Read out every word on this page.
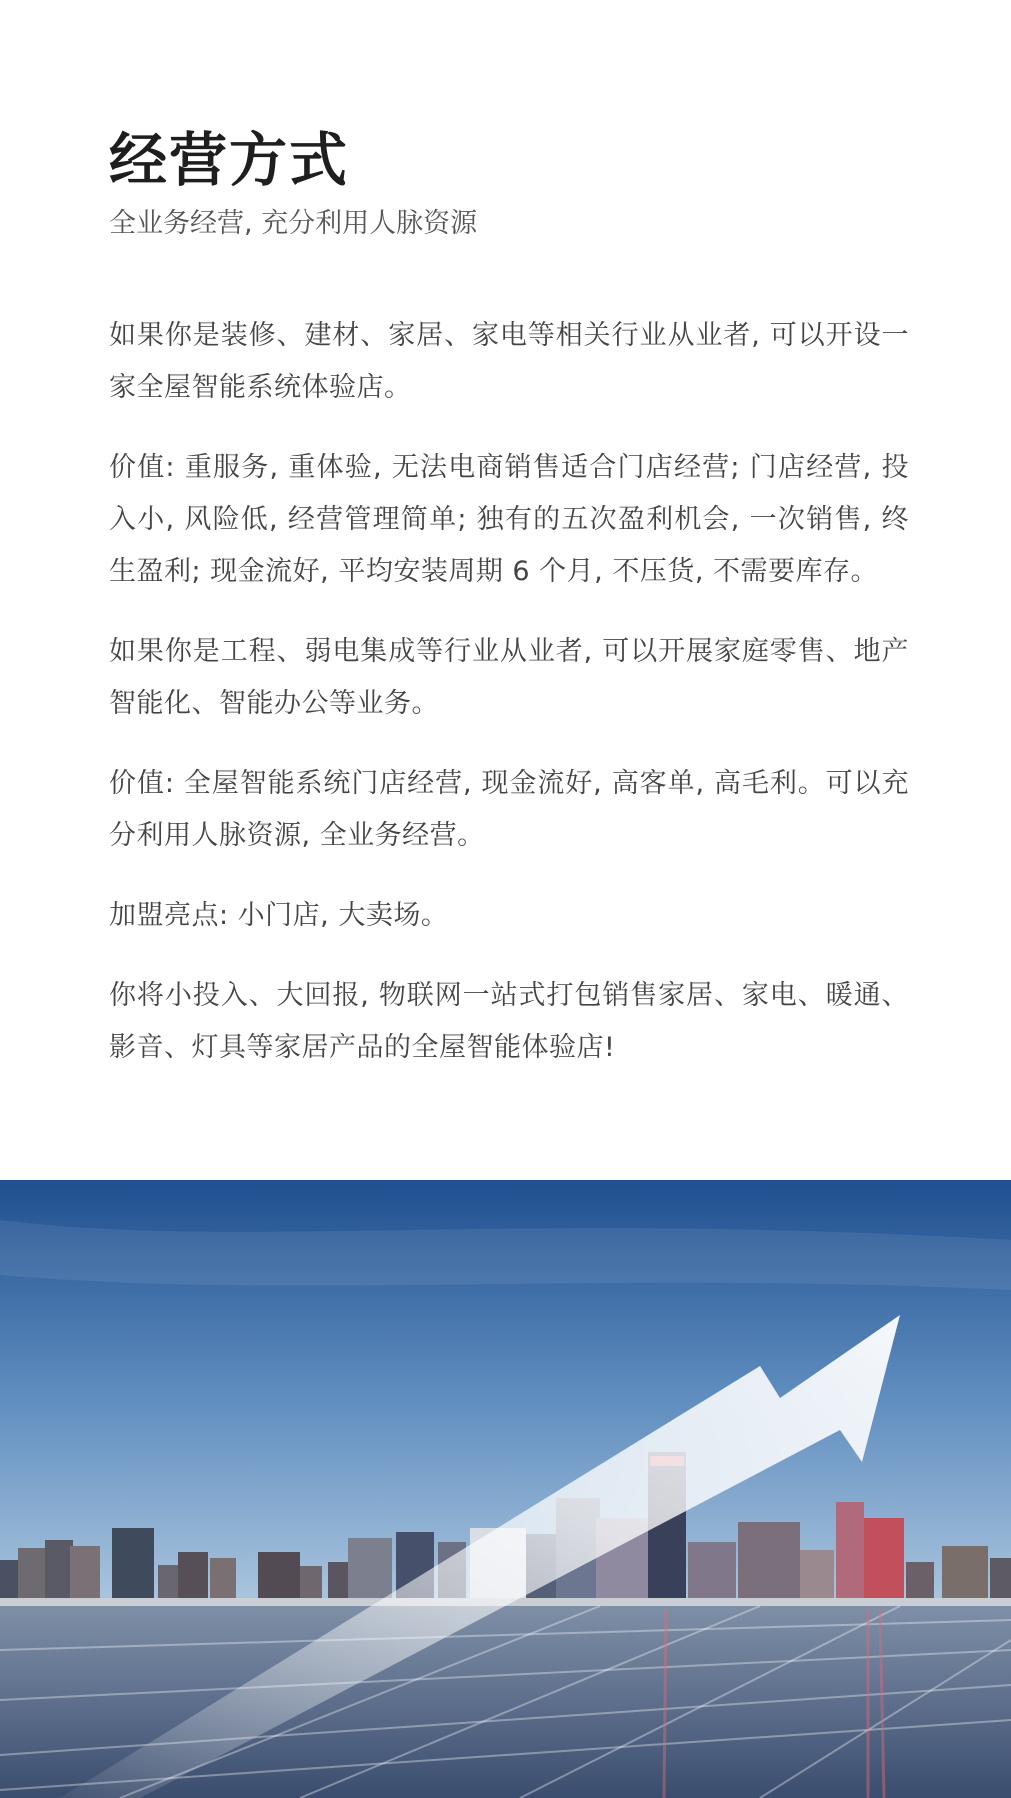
经营方式

全业务经营, 充分利用人脉资源

如果你是装修、建材、家居、家电等相关行业从业者, 可以开设一家全屋智能系统体验店。

价值: 重服务, 重体验, 无法电商销售适合门店经营; 门店经营, 投入小, 风险低, 经营管理简单; 独有的五次盈利机会, 一次销售, 终生盈利; 现金流好, 平均安装周期 6 个月, 不压货, 不需要库存。

如果你是工程、弱电集成等行业从业者, 可以开展家庭零售、地产智能化、智能办公等业务。

价值: 全屋智能系统门店经营, 现金流好, 高客单, 高毛利。可以充分利用人脉资源, 全业务经营。

加盟亮点: 小门店, 大卖场。

你将小投入、大回报, 物联网一站式打包销售家居、家电、暖通、影音、灯具等家居产品的全屋智能体验店!
